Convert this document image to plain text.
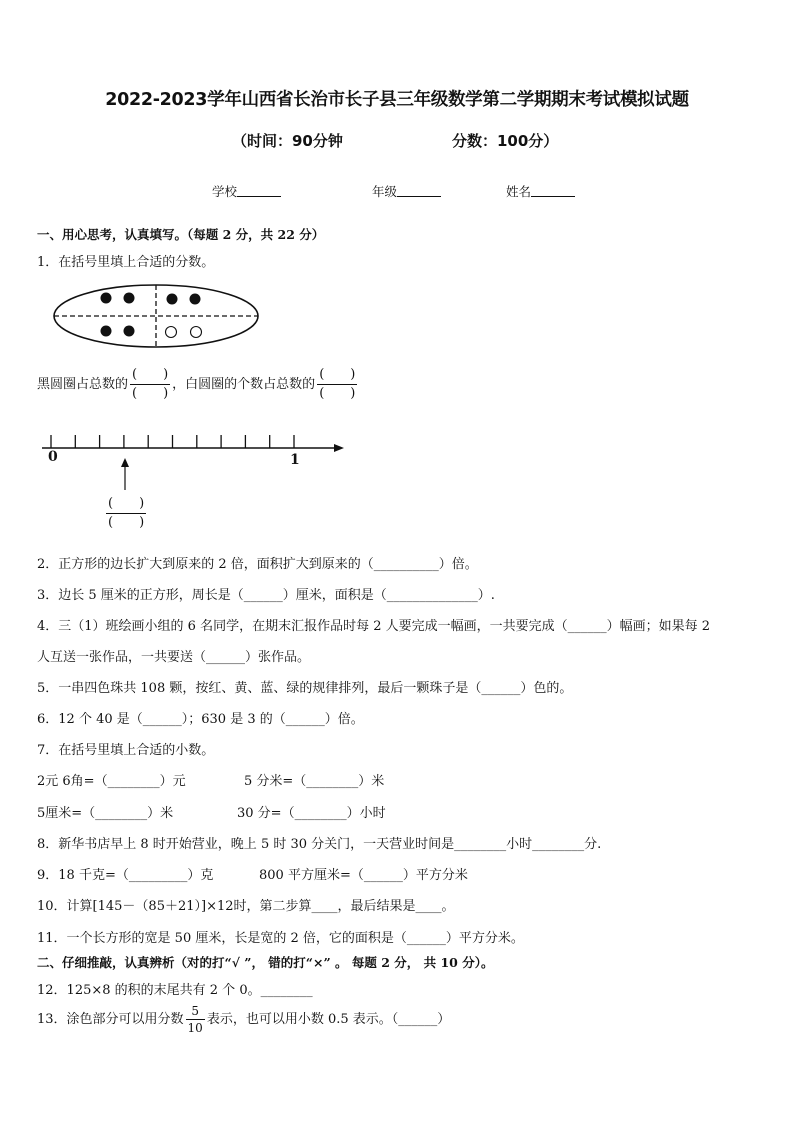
2022-2023学年山西省长治市长子县三年级数学第二学期期末考试模拟试题
（时间：90分钟	分数：100分）
学校	年级	姓名
一、用心思考，认真填写。（每题 2 分，共 22 分）
1．在括号里填上合适的分数。
黑圆圈占总数的 $\frac{( )}{( )}$ ，白圆圈的个数占总数的 $\frac{( )}{( )}$
0	1
$\frac{( )}{( )}$
2．正方形的边长扩大到原来的 2 倍，面积扩大到原来的（__________）倍。
3．边长 5 厘米的正方形，周长是（______）厘米，面积是（______________）.
4．三（1）班绘画小组的 6 名同学，在期末汇报作品时每 2 人要完成一幅画，一共要完成（______）幅画；如果每 2
人互送一张作品，一共要送（______）张作品。
5．一串四色珠共 108 颗，按红、黄、蓝、绿的规律排列，最后一颗珠子是（______）色的。
6．12 个 40 是（______）；630 是 3 的（______）倍。
7．在括号里填上合适的小数。
2元 6角=（________）元	5 分米=（________）米
5厘米=（________）米	30 分=（________）小时
8．新华书店早上 8 时开始营业，晚上 5 时 30 分关门，一天营业时间是________小时________分.
9．18 千克=（_________）克	800 平方厘米=（______）平方分米
10．计算[145－（85＋21）]×12时，第二步算____，最后结果是____。
11．一个长方形的宽是 50 厘米，长是宽的 2 倍，它的面积是（______）平方分米。
二、仔细推敲，认真辨析（对的打“√ ”， 错的打“×” 。 每题 2 分， 共 10 分）。
12．125×8 的积的末尾共有 2 个 0。________
13．涂色部分可以用分数 $\frac{5}{10}$ 表示，也可以用小数 0.5 表示。（______）
